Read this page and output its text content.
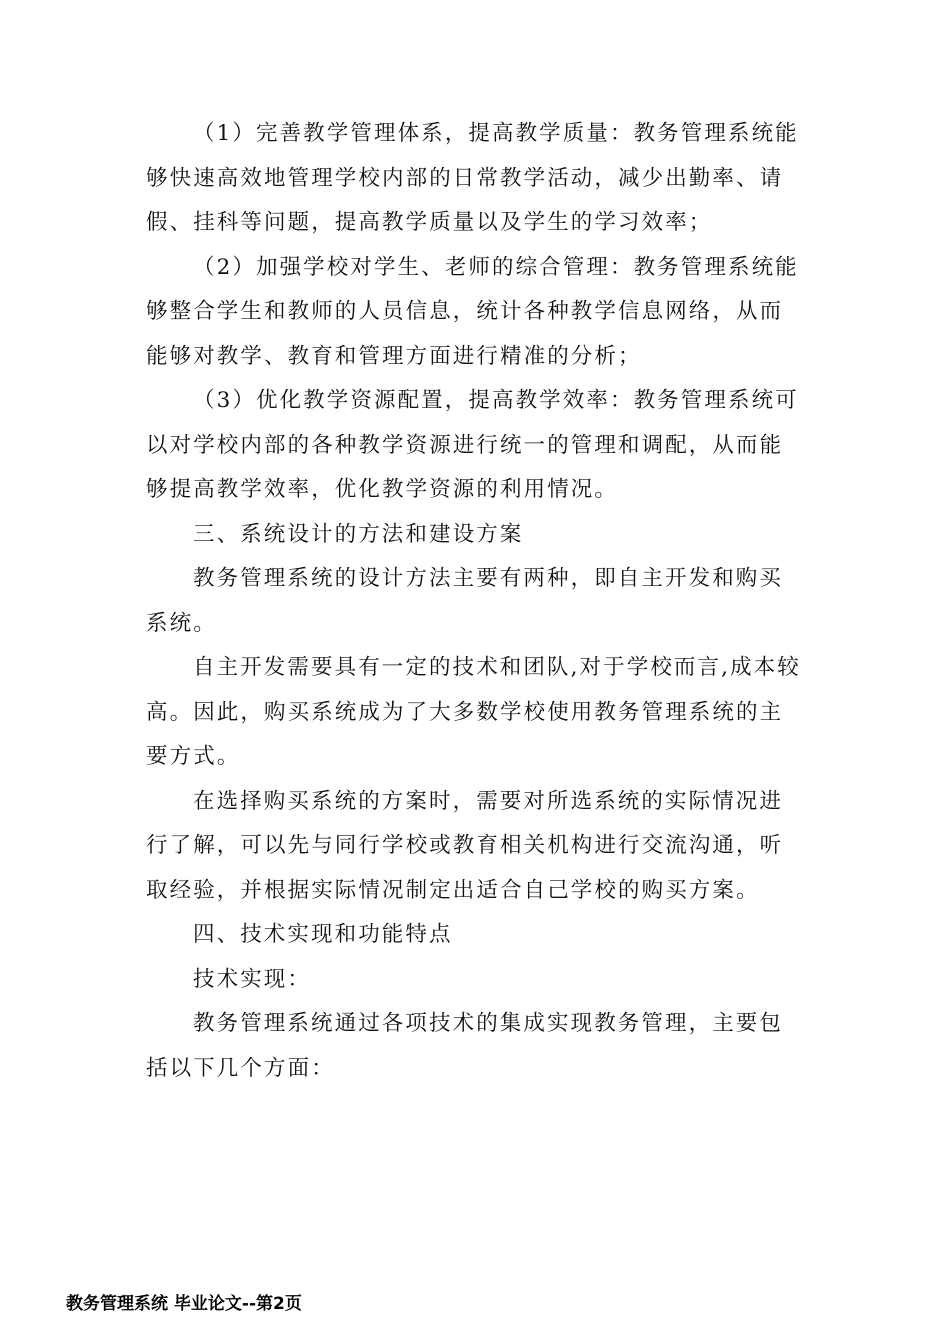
（1）完善教学管理体系，提高教学质量：教务管理系统能
够快速高效地管理学校内部的日常教学活动，减少出勤率、请
假、挂科等问题，提高教学质量以及学生的学习效率；
（2）加强学校对学生、老师的综合管理：教务管理系统能
够整合学生和教师的人员信息，统计各种教学信息网络，从而
能够对教学、教育和管理方面进行精准的分析；
（3）优化教学资源配置，提高教学效率：教务管理系统可
以对学校内部的各种教学资源进行统一的管理和调配，从而能
够提高教学效率，优化教学资源的利用情况。
三、系统设计的方法和建设方案
教务管理系统的设计方法主要有两种，即自主开发和购买
系统。
自主开发需要具有一定的技术和团队,对于学校而言,成本较
高。因此，购买系统成为了大多数学校使用教务管理系统的主
要方式。
在选择购买系统的方案时，需要对所选系统的实际情况进
行了解，可以先与同行学校或教育相关机构进行交流沟通，听
取经验，并根据实际情况制定出适合自己学校的购买方案。
四、技术实现和功能特点
技术实现：
教务管理系统通过各项技术的集成实现教务管理，主要包
括以下几个方面：
教务管理系统 毕业论文--第2页
